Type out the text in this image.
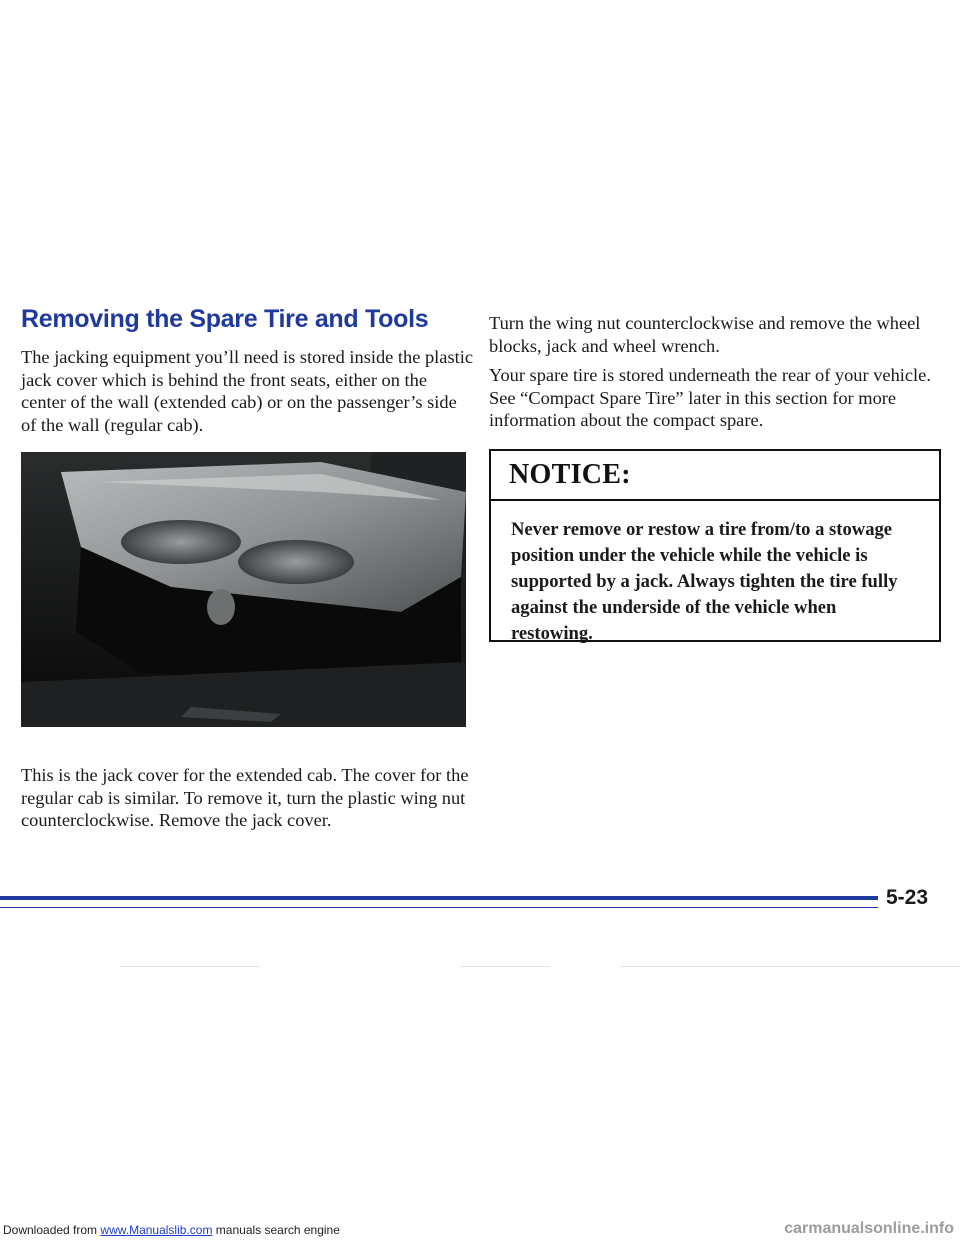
Removing the Spare Tire and Tools

The jacking equipment you’ll need is stored inside the plastic jack cover which is behind the front seats, either on the center of the wall (extended cab) or on the passenger’s side of the wall (regular cab).

This is the jack cover for the extended cab. The cover for the regular cab is similar. To remove it, turn the plastic wing nut counterclockwise. Remove the jack cover.

Turn the wing nut counterclockwise and remove the wheel blocks, jack and wheel wrench.

Your spare tire is stored underneath the rear of your vehicle. See “Compact Spare Tire” later in this section for more information about the compact spare.

NOTICE:

Never remove or restow a tire from/to a stowage position under the vehicle while the vehicle is supported by a jack. Always tighten the tire fully against the underside of the vehicle when restowing.

5-23

Downloaded from www.Manualslib.com manuals search engine	carmanualsonline.info
